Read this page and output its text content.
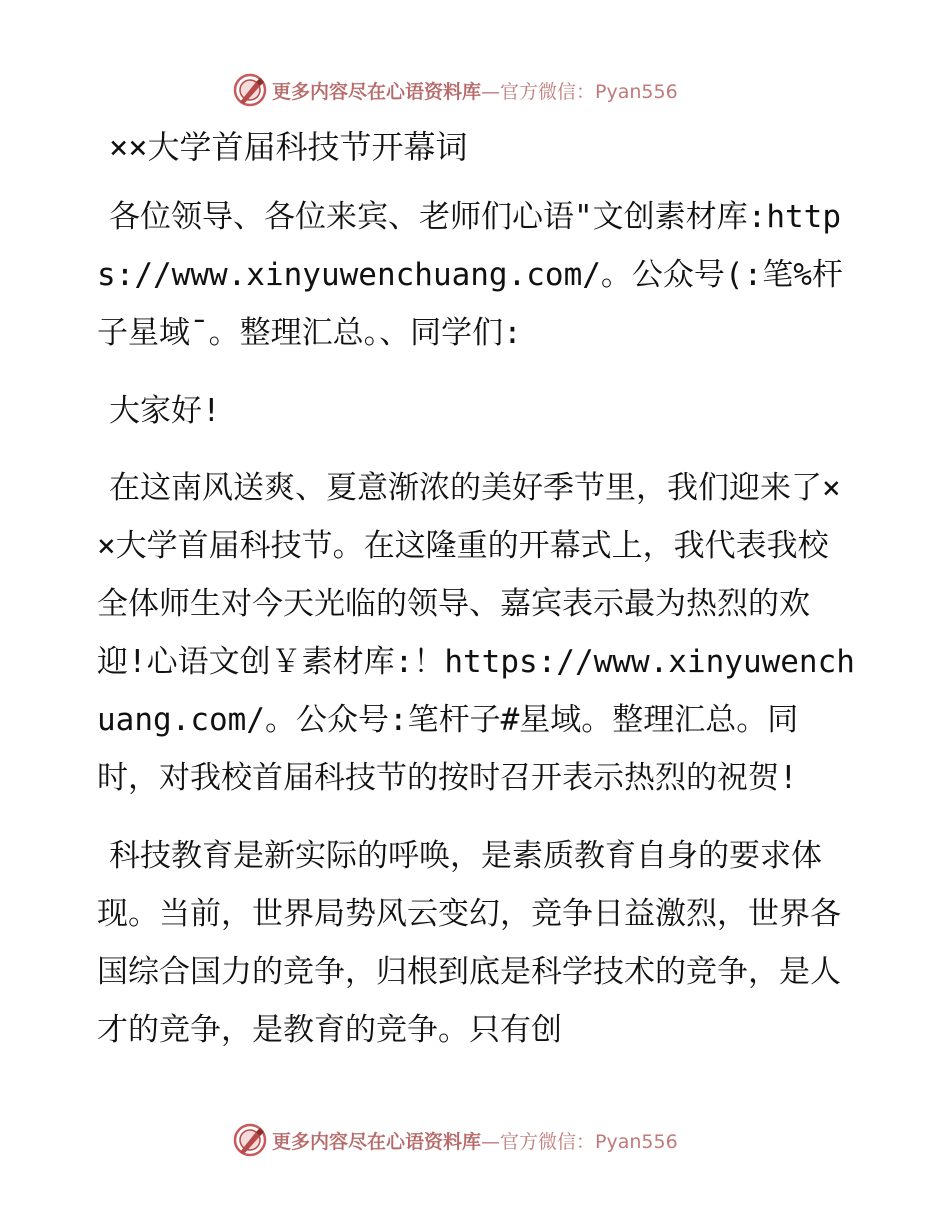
更多内容尽在心语资料库—官方微信：Pyan556
××大学首届科技节开幕词

各位领导、各位来宾、老师们心语"文创素材库:https://www.xinyuwenchuang.com/。公众号(:笔%杆子星域¯。整理汇总。、同学们:

大家好!

在这南风送爽、夏意渐浓的美好季节里，我们迎来了××大学首届科技节。在这隆重的开幕式上，我代表我校全体师生对今天光临的领导、嘉宾表示最为热烈的欢迎!心语文创￥素材库:！https://www.xinyuwenchuang.com/。公众号:笔杆子#星域。整理汇总。同时，对我校首届科技节的按时召开表示热烈的祝贺!

科技教育是新实际的呼唤，是素质教育自身的要求体现。当前，世界局势风云变幻，竞争日益激烈，世界各国综合国力的竞争，归根到底是科学技术的竞争，是人才的竞争，是教育的竞争。只有创

更多内容尽在心语资料库—官方微信：Pyan556
